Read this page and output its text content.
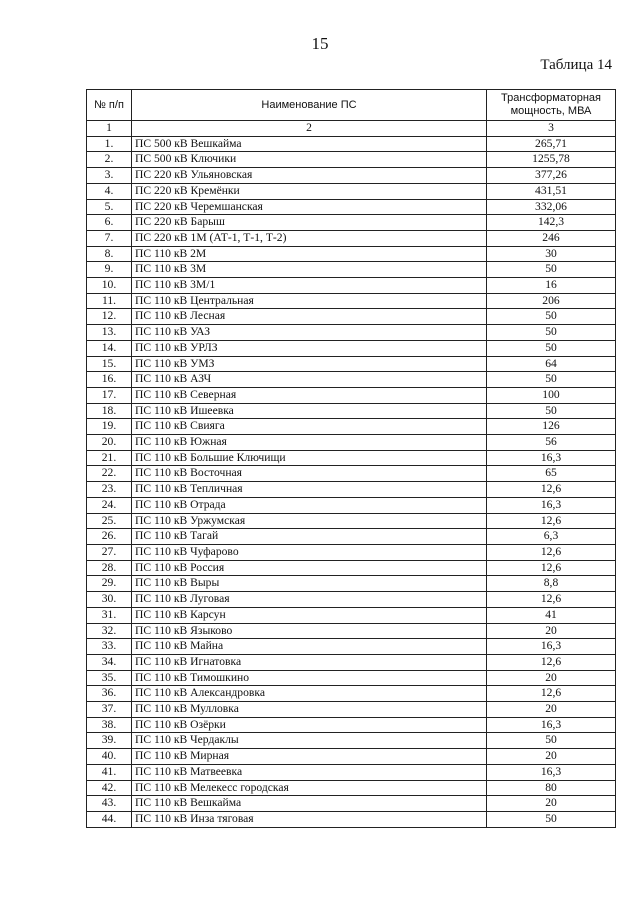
15
Таблица 14
№ п/п	Наименование ПС	Трансформаторная мощность, МВА
1	2	3
1.	ПС 500 кВ Вешкайма	265,71
2.	ПС 500 кВ Ключики	1255,78
3.	ПС 220 кВ Ульяновская	377,26
4.	ПС 220 кВ Кремёнки	431,51
5.	ПС 220 кВ Черемшанская	332,06
6.	ПС 220 кВ Барыш	142,3
7.	ПС 220 кВ 1М (АТ-1, Т-1, Т-2)	246
8.	ПС 110 кВ 2М	30
9.	ПС 110 кВ 3М	50
10.	ПС 110 кВ 3М/1	16
11.	ПС 110 кВ Центральная	206
12.	ПС 110 кВ Лесная	50
13.	ПС 110 кВ УАЗ	50
14.	ПС 110 кВ УРЛЗ	50
15.	ПС 110 кВ УМЗ	64
16.	ПС 110 кВ АЗЧ	50
17.	ПС 110 кВ Северная	100
18.	ПС 110 кВ Ишеевка	50
19.	ПС 110 кВ Свияга	126
20.	ПС 110 кВ Южная	56
21.	ПС 110 кВ Большие Ключищи	16,3
22.	ПС 110 кВ Восточная	65
23.	ПС 110 кВ Тепличная	12,6
24.	ПС 110 кВ Отрада	16,3
25.	ПС 110 кВ Уржумская	12,6
26.	ПС 110 кВ Тагай	6,3
27.	ПС 110 кВ Чуфарово	12,6
28.	ПС 110 кВ Россия	12,6
29.	ПС 110 кВ Выры	8,8
30.	ПС 110 кВ Луговая	12,6
31.	ПС 110 кВ Карсун	41
32.	ПС 110 кВ Языково	20
33.	ПС 110 кВ Майна	16,3
34.	ПС 110 кВ Игнатовка	12,6
35.	ПС 110 кВ Тимошкино	20
36.	ПС 110 кВ Александровка	12,6
37.	ПС 110 кВ Мулловка	20
38.	ПС 110 кВ Озёрки	16,3
39.	ПС 110 кВ Чердаклы	50
40.	ПС 110 кВ Мирная	20
41.	ПС 110 кВ Матвеевка	16,3
42.	ПС 110 кВ Мелекесс городская	80
43.	ПС 110 кВ Вешкайма	20
44.	ПС 110 кВ Инза тяговая	50
